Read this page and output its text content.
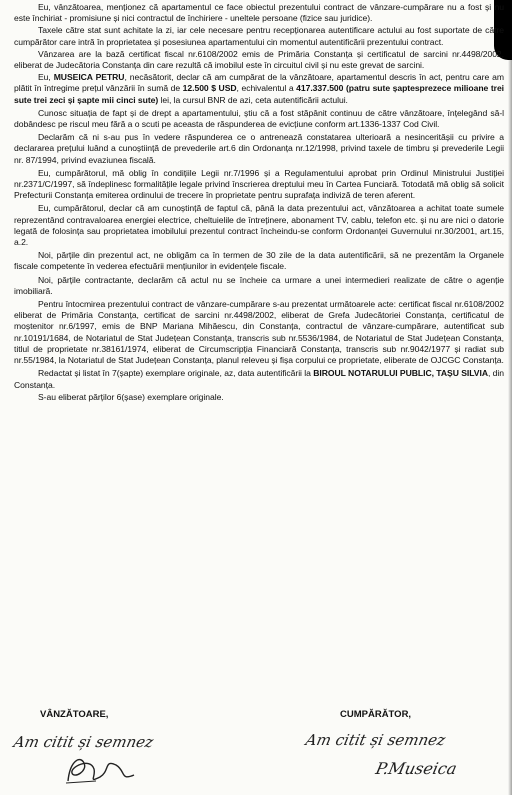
Eu, vânzătoarea, menționez că apartamentul ce face obiectul prezentului contract de vânzare-cumpărare nu a fost și nu este închiriat - promisiune și nici contractul de închiriere - uneltele persoane (fizice sau juridice).

Taxele către stat sunt achitate la zi, iar cele necesare pentru recepționarea autentificare actului au fost suportate de către cumpărător care intră în proprietatea și posesiunea apartamentului cin momentul autentificării prezentului contract.

Vânzarea are la bază certificat fiscal nr.6108/2002 emis de Primăria Constanța și certificatul de sarcini nr.4498/2002, eliberat de Judecătoria Constanța din care rezultă că imobilul este în circuitul civil și nu este grevat de sarcini.

Eu, MUSEICA PETRU, necăsătorit, declar că am cumpărat de la vânzătoare, apartamentul descris în act, pentru care am plătit în întregime prețul vânzării în sumă de 12.500 $ USD, echivalentul a 417.337.500 (patru sute șaptesprezece milioane trei sute trei zeci și șapte mii cinci sute) lei, la cursul BNR de azi, ceta autentificării actului.

Cunosc situația de fapt și de drept a apartamentului, știu că a fost stăpânit continuu de către vânzătoare, înțelegând să-l dobândesc pe riscul meu fără a o scuti pe aceasta de răspunderea de evicțiune conform art.1336-1337 Cod Civil.

Declarăm că ni s-au pus în vedere răspunderea ce o antrenează constatarea ulterioară a nesinceritășii cu privire a declararea prețului luând a cunoștiință de prevederile art.6 din Ordonanța nr.12/1998, privind taxele de timbru și prevederile Legii nr. 87/1994, privind evaziunea fiscală.

Eu, cumpărătorul, mă oblig în condițiile Legii nr.7/1996 și a Regulamentului aprobat prin Ordinul Ministrului Justiției nr.2371/C/1997, să îndeplinesc formalitățile legale privind înscrierea dreptului meu în Cartea Funciară. Totodată mă oblig să solicit Prefecturii Constanța emiterea ordinului de trecere în proprietate pentru suprafața indiviză de teren aferent.

Eu, cumpărătorul, declar că am cunoștință de faptul că, până la data prezentului act, vânzătoarea a achitat toate sumele reprezentând contravaloarea energiei electrice, cheltuielile de întreținere, abonament TV, cablu, telefon etc. și nu are nici o datorie legată de folosința sau proprietatea imobilului prezentul contract încheindu-se conform Ordonanței Guvernului nr.30/2001, art.15, a.2.

Noi, părțile din prezentul act, ne obligăm ca în termen de 30 zile de la data autentificării, să ne prezentăm la Organele fiscale competente în vederea efectuării mențiunilor in evidențele fiscale.

Noi, părțile contractante, declarăm că actul nu se încheie ca urmare a unei intermedieri realizate de către o agenție imobiliară.

Pentru întocmirea prezentului contract de vânzare-cumpărare s-au prezentat următoarele acte: certificat fiscal nr.6108/2002 eliberat de Primăria Constanța, certificat de sarcini nr.4498/2002, eliberat de Grefa Judecătoriei Constanța, certificatul de moștenitor nr.6/1997, emis de BNP Mariana Mihăescu, din Constanța, contractul de vânzare-cumpărare, autentificat sub nr.10191/1684, de Notariatul de Stat Județean Constanța, transcris sub nr.5536/1984, de Notariatul de Stat Județean Constanța, titlul de proprietate nr.38161/1974, eliberat de Circumscripția Financiară Constanța, transcris sub nr.9042/1977 și radiat sub nr.55/1984, la Notariatul de Stat Județean Constanța, planul releveu și fișa corpului ce proprietate, eliberate de OJCGC Constanța.

Redactat și listat în 7(șapte) exemplare originale, az, data autentificării la BIROUL NOTARULUI PUBLIC, TAȘU SILVIA, din Constanța.

S-au eliberat părților 6(șase) exemplare originale.

VÂNZĂTOARE,	CUMPĂRĂTOR,
Am citit și semnez	Am citit și semnez
P.Museica
